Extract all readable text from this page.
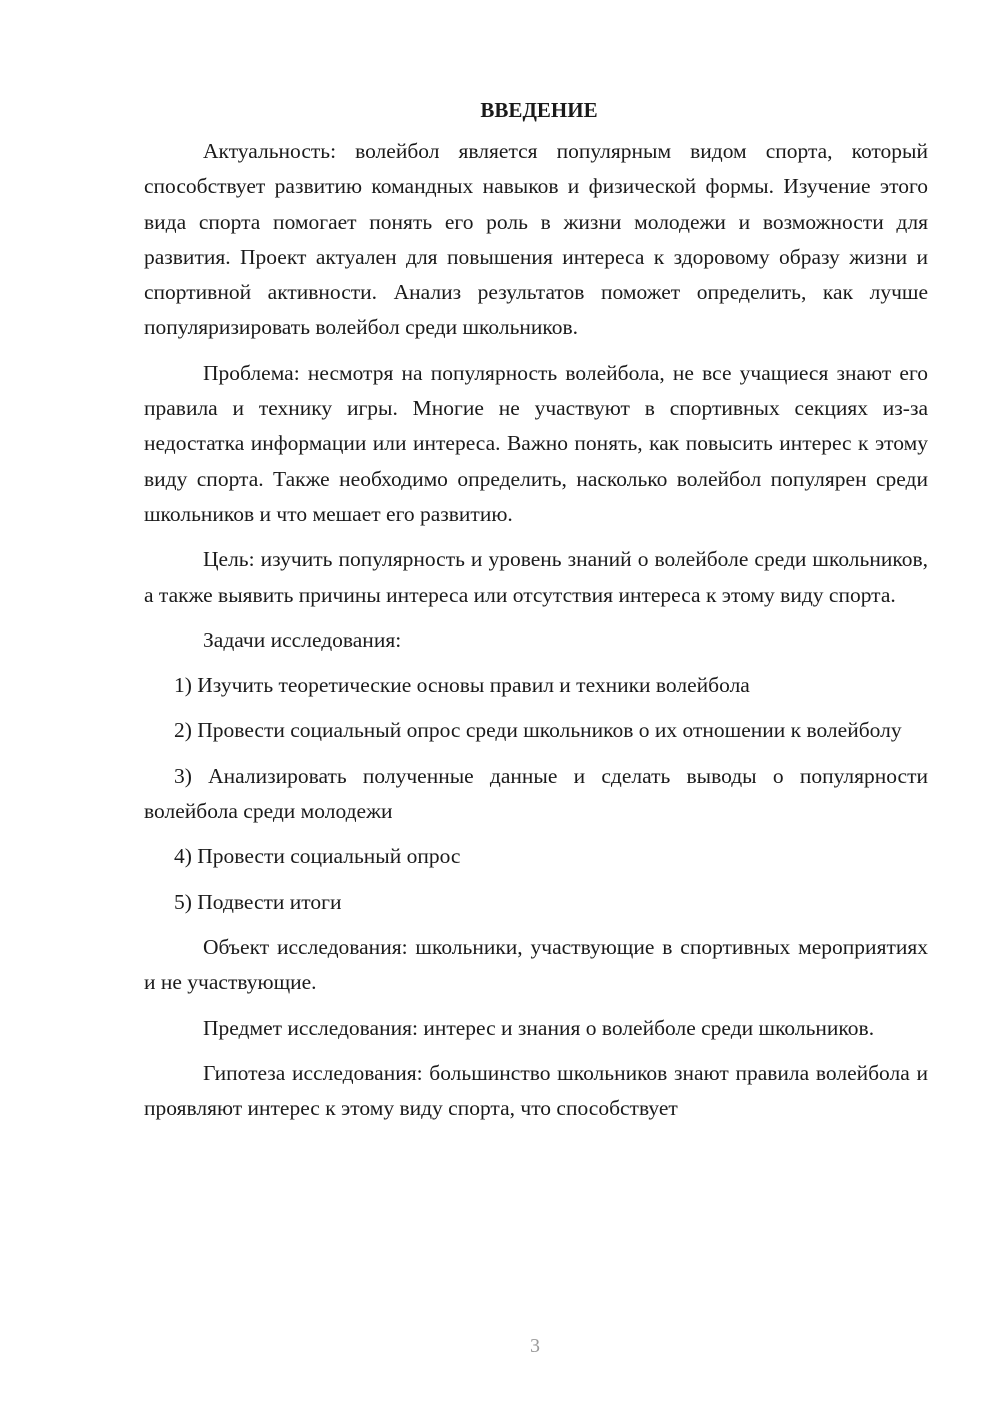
ВВЕДЕНИЕ

Актуальность: волейбол является популярным видом спорта, который способствует развитию командных навыков и физической формы. Изучение этого вида спорта помогает понять его роль в жизни молодежи и возможности для развития. Проект актуален для повышения интереса к здоровому образу жизни и спортивной активности. Анализ результатов поможет определить, как лучше популяризировать волейбол среди школьников.

Проблема: несмотря на популярность волейбола, не все учащиеся знают его правила и технику игры. Многие не участвуют в спортивных секциях из-за недостатка информации или интереса. Важно понять, как повысить интерес к этому виду спорта. Также необходимо определить, насколько волейбол популярен среди школьников и что мешает его развитию.

Цель: изучить популярность и уровень знаний о волейболе среди школьников, а также выявить причины интереса или отсутствия интереса к этому виду спорта.

Задачи исследования:

1) Изучить теоретические основы правил и техники волейбола

2) Провести социальный опрос среди школьников о их отношении к волейболу

3) Анализировать полученные данные и сделать выводы о популярности волейбола среди молодежи

4) Провести социальный опрос

5) Подвести итоги

Объект исследования: школьники, участвующие в спортивных мероприятиях и не участвующие.

Предмет исследования: интерес и знания о волейболе среди школьников.

Гипотеза исследования: большинство школьников знают правила волейбола и проявляют интерес к этому виду спорта, что способствует

3
